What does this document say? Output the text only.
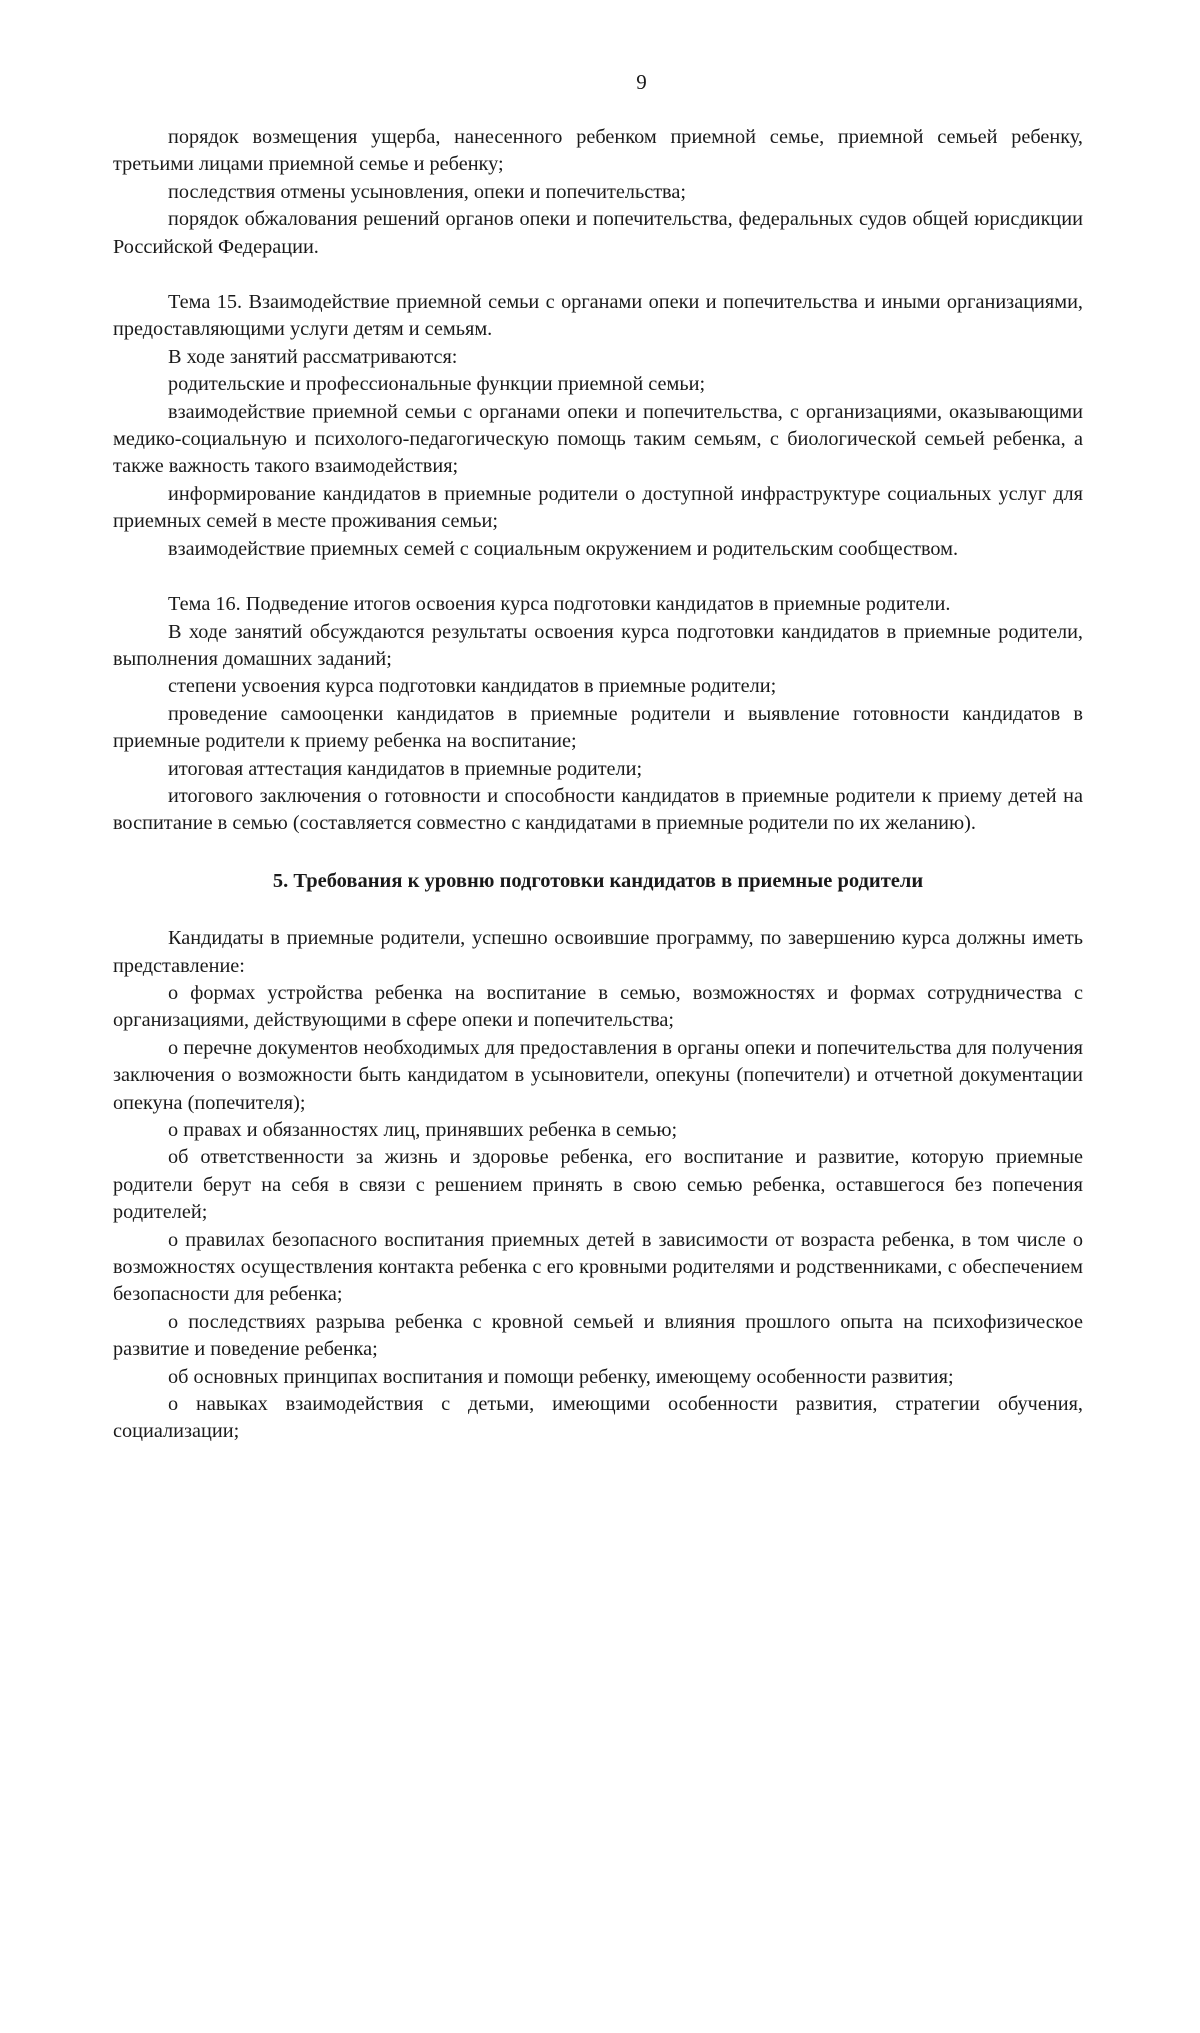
9

порядок возмещения ущерба, нанесенного ребенком приемной семье, приемной семьей ребенку, третьими лицами приемной семье и ребенку;

последствия отмены усыновления, опеки и попечительства;

порядок обжалования решений органов опеки и попечительства, федеральных судов общей юрисдикции Российской Федерации.

Тема 15. Взаимодействие приемной семьи с органами опеки и попечительства и иными организациями, предоставляющими услуги детям и семьям.

В ходе занятий рассматриваются:

родительские и профессиональные функции приемной семьи;

взаимодействие приемной семьи с органами опеки и попечительства, с организациями, оказывающими медико-социальную и психолого-педагогическую помощь таким семьям, с биологической семьей ребенка, а также важность такого взаимодействия;

информирование кандидатов в приемные родители о доступной инфраструктуре социальных услуг для приемных семей в месте проживания семьи;

взаимодействие приемных семей с социальным окружением и родительским сообществом.

Тема 16. Подведение итогов освоения курса подготовки кандидатов в приемные родители.

В ходе занятий обсуждаются результаты освоения курса подготовки кандидатов в приемные родители, выполнения домашних заданий;

степени усвоения курса подготовки кандидатов в приемные родители;

проведение самооценки кандидатов в приемные родители и выявление готовности кандидатов в приемные родители к приему ребенка на воспитание;

итоговая аттестация кандидатов в приемные родители;

итогового заключения о готовности и способности кандидатов в приемные родители к приему детей на воспитание в семью (составляется совместно с кандидатами в приемные родители по их желанию).

5. Требования к уровню подготовки кандидатов в приемные родители

Кандидаты в приемные родители, успешно освоившие программу, по завершению курса должны иметь представление:

о формах устройства ребенка на воспитание в семью, возможностях и формах сотрудничества с организациями, действующими в сфере опеки и попечительства;

о перечне документов необходимых для предоставления в органы опеки и попечительства для получения заключения о возможности быть кандидатом в усыновители, опекуны (попечители) и отчетной документации опекуна (попечителя);

о правах и обязанностях лиц, принявших ребенка в семью;

об ответственности за жизнь и здоровье ребенка, его воспитание и развитие, которую приемные родители берут на себя в связи с решением принять в свою семью ребенка, оставшегося без попечения родителей;

о правилах безопасного воспитания приемных детей в зависимости от возраста ребенка, в том числе о возможностях осуществления контакта ребенка с его кровными родителями и родственниками, с обеспечением безопасности для ребенка;

о последствиях разрыва ребенка с кровной семьей и влияния прошлого опыта на психофизическое развитие и поведение ребенка;

об основных принципах воспитания и помощи ребенку, имеющему особенности развития;

о навыках взаимодействия с детьми, имеющими особенности развития, стратегии обучения, социализации;
